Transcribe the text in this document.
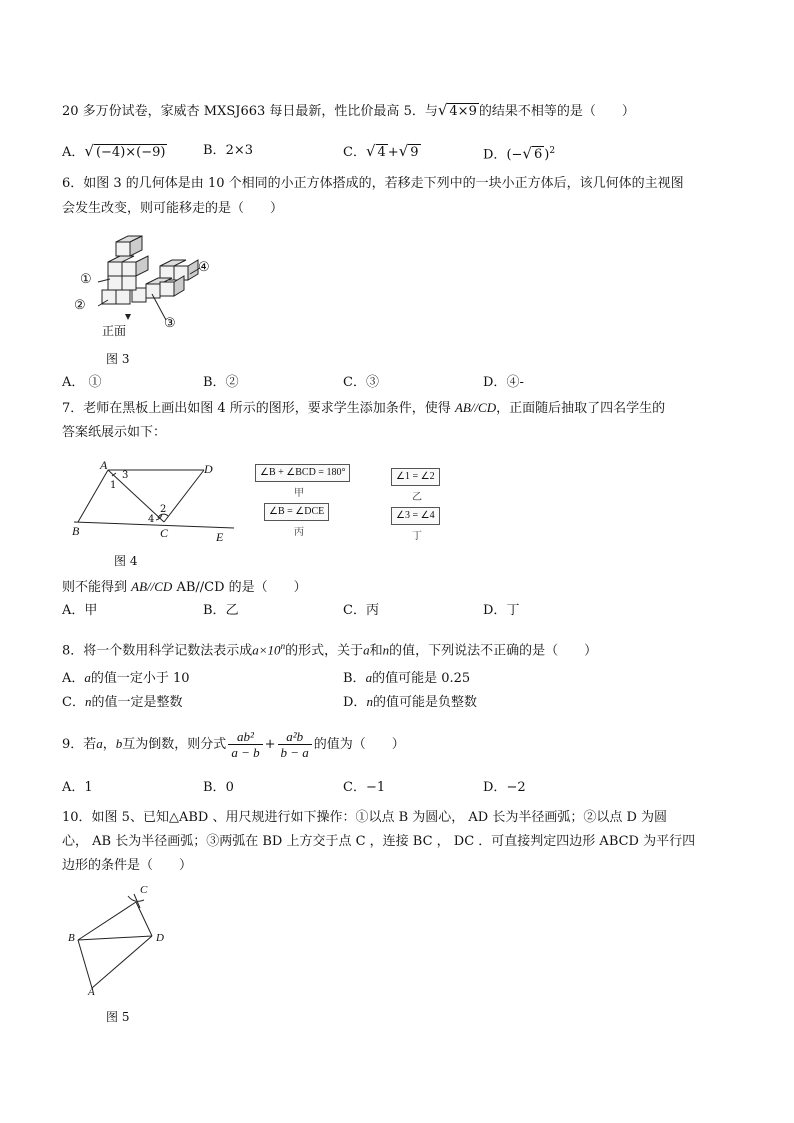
20 多万份试卷，家威杏 MXSJ663 每日最新，性比价最高 5．与√ 4×9 的结果不相等的是（　　）
A．√ (−4)×(−9)	B．2×3	C．√ 4 +√ 9	D．(−√ 6 )$^2$
6．如图 3 的几何体是由 10 个相同的小正方体搭成的，若移走下列中的一块小正方体后，该几何体的主视图
会发生改变，则可能移走的是（　　）
①
②
③
④
正面
图 3
A． ①	B．②	C．③	D．④-
7．老师在黑板上画出如图 4 所示的图形，要求学生添加条件，使得 AB//CD，正面随后抽取了四名学生的
答案纸展示如下：
A	D
B	C	E
1
2
3
4
图 4
∠B + ∠BCD = 180°
甲
∠B = ∠DCE
丙
∠1 = ∠2
乙
∠3 = ∠4
丁
则不能得到 AB//CD AB//CD 的是（　　）
A．甲	B．乙	C．丙	D．丁
8．将一个数用科学记数法表示成$a\times 10^n$的形式，关于a和n的值，下列说法不正确的是（　　）
A．a的值一定小于 10	B．a的值可能是 0.25
C．n的值一定是整数	D．n的值可能是负整数
9．若a，b互为倒数，则分式 $\frac{\text{ab²}}{a - b} + \frac{\text{a²b}}{b - a}$ 的值为（　　）
A．1	B．0	C．−1	D．−2
10．如图 5、已知△ABD 、用尺规进行如下操作：①以点 B 为圆心， AD 长为半径画弧；②以点 D 为圆
心， AB 长为半径画弧；③两弧在 BD 上方交于点 C ，连接 BC ， DC ．可直接判定四边形 ABCD 为平行四
边形的条件是（　　）
C
B	D
A
图 5
